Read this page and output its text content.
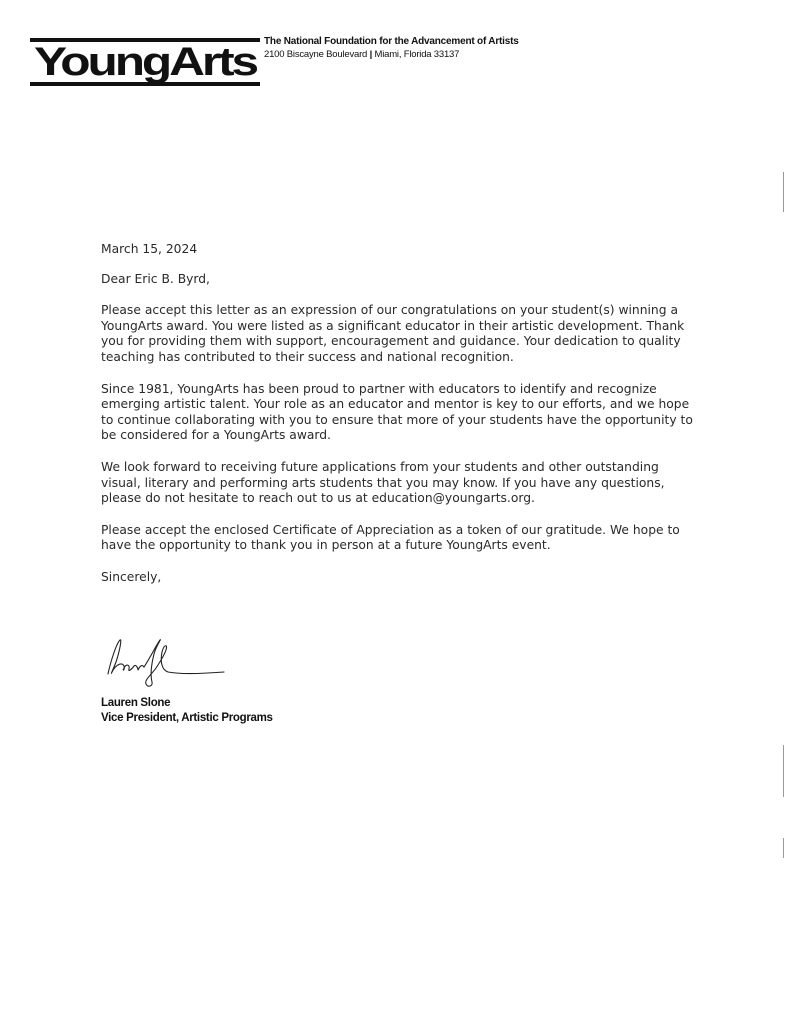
YoungArts The National Foundation for the Advancement of Artists
2100 Biscayne Boulevard | Miami, Florida 33137

March 15, 2024

Dear Eric B. Byrd,

Please accept this letter as an expression of our congratulations on your student(s) winning a YoungArts award. You were listed as a significant educator in their artistic development. Thank you for providing them with support, encouragement and guidance. Your dedication to quality teaching has contributed to their success and national recognition.

Since 1981, YoungArts has been proud to partner with educators to identify and recognize emerging artistic talent. Your role as an educator and mentor is key to our efforts, and we hope to continue collaborating with you to ensure that more of your students have the opportunity to be considered for a YoungArts award.

We look forward to receiving future applications from your students and other outstanding visual, literary and performing arts students that you may know. If you have any questions, please do not hesitate to reach out to us at education@youngarts.org.

Please accept the enclosed Certificate of Appreciation as a token of our gratitude. We hope to have the opportunity to thank you in person at a future YoungArts event.

Sincerely,

Lauren Slone
Vice President, Artistic Programs
